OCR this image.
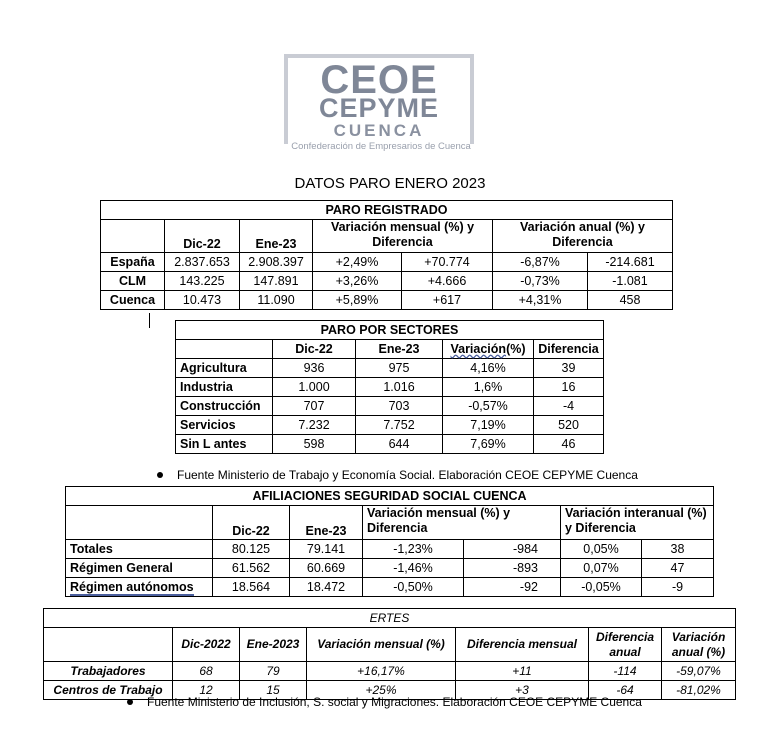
CEOE
CEPYME
CUENCA
Confederación de Empresarios de Cuenca
DATOS PARO ENERO 2023
PARO REGISTRADO						
	Dic-22	Ene-23	Variación mensual (%) y Diferencia		Variación anual (%) y Diferencia	
España	2.837.653	2.908.397	+2,49%	+70.774	-6,87%	-214.681
CLM	143.225	147.891	+3,26%	+4.666	-0,73%	-1.081
Cuenca	10.473	11.090	+5,89%	+617	+4,31%	458
PARO POR SECTORES				
	Dic-22	Ene-23	Variación(%)	Diferencia
Agricultura	936	975	4,16%	39
Industria	1.000	1.016	1,6%	16
Construcción	707	703	-0,57%	-4
Servicios	7.232	7.752	7,19%	520
Sin L antes	598	644	7,69%	46
Fuente Ministerio de Trabajo y Economía Social. Elaboración CEOE CEPYME Cuenca
AFILIACIONES SEGURIDAD SOCIAL CUENCA						
	Dic-22	Ene-23	Variación mensual (%) y Diferencia		Variación interanual (%) y Diferencia	
Totales	80.125	79.141	-1,23%	-984	0,05%	38
Régimen General	61.562	60.669	-1,46%	-893	0,07%	47
Régimen autónomos	18.564	18.472	-0,50%	-92	-0,05%	-9
ERTES						
	Dic-2022	Ene-2023	Variación mensual (%)	Diferencia mensual	Diferencia anual	Variación anual (%)
Trabajadores	68	79	+16,17%	+11	-114	-59,07%
Centros de Trabajo	12	15	+25%	+3	-64	-81,02%
Fuente Ministerio de Inclusión, S. social y Migraciones. Elaboración CEOE CEPYME Cuenca
